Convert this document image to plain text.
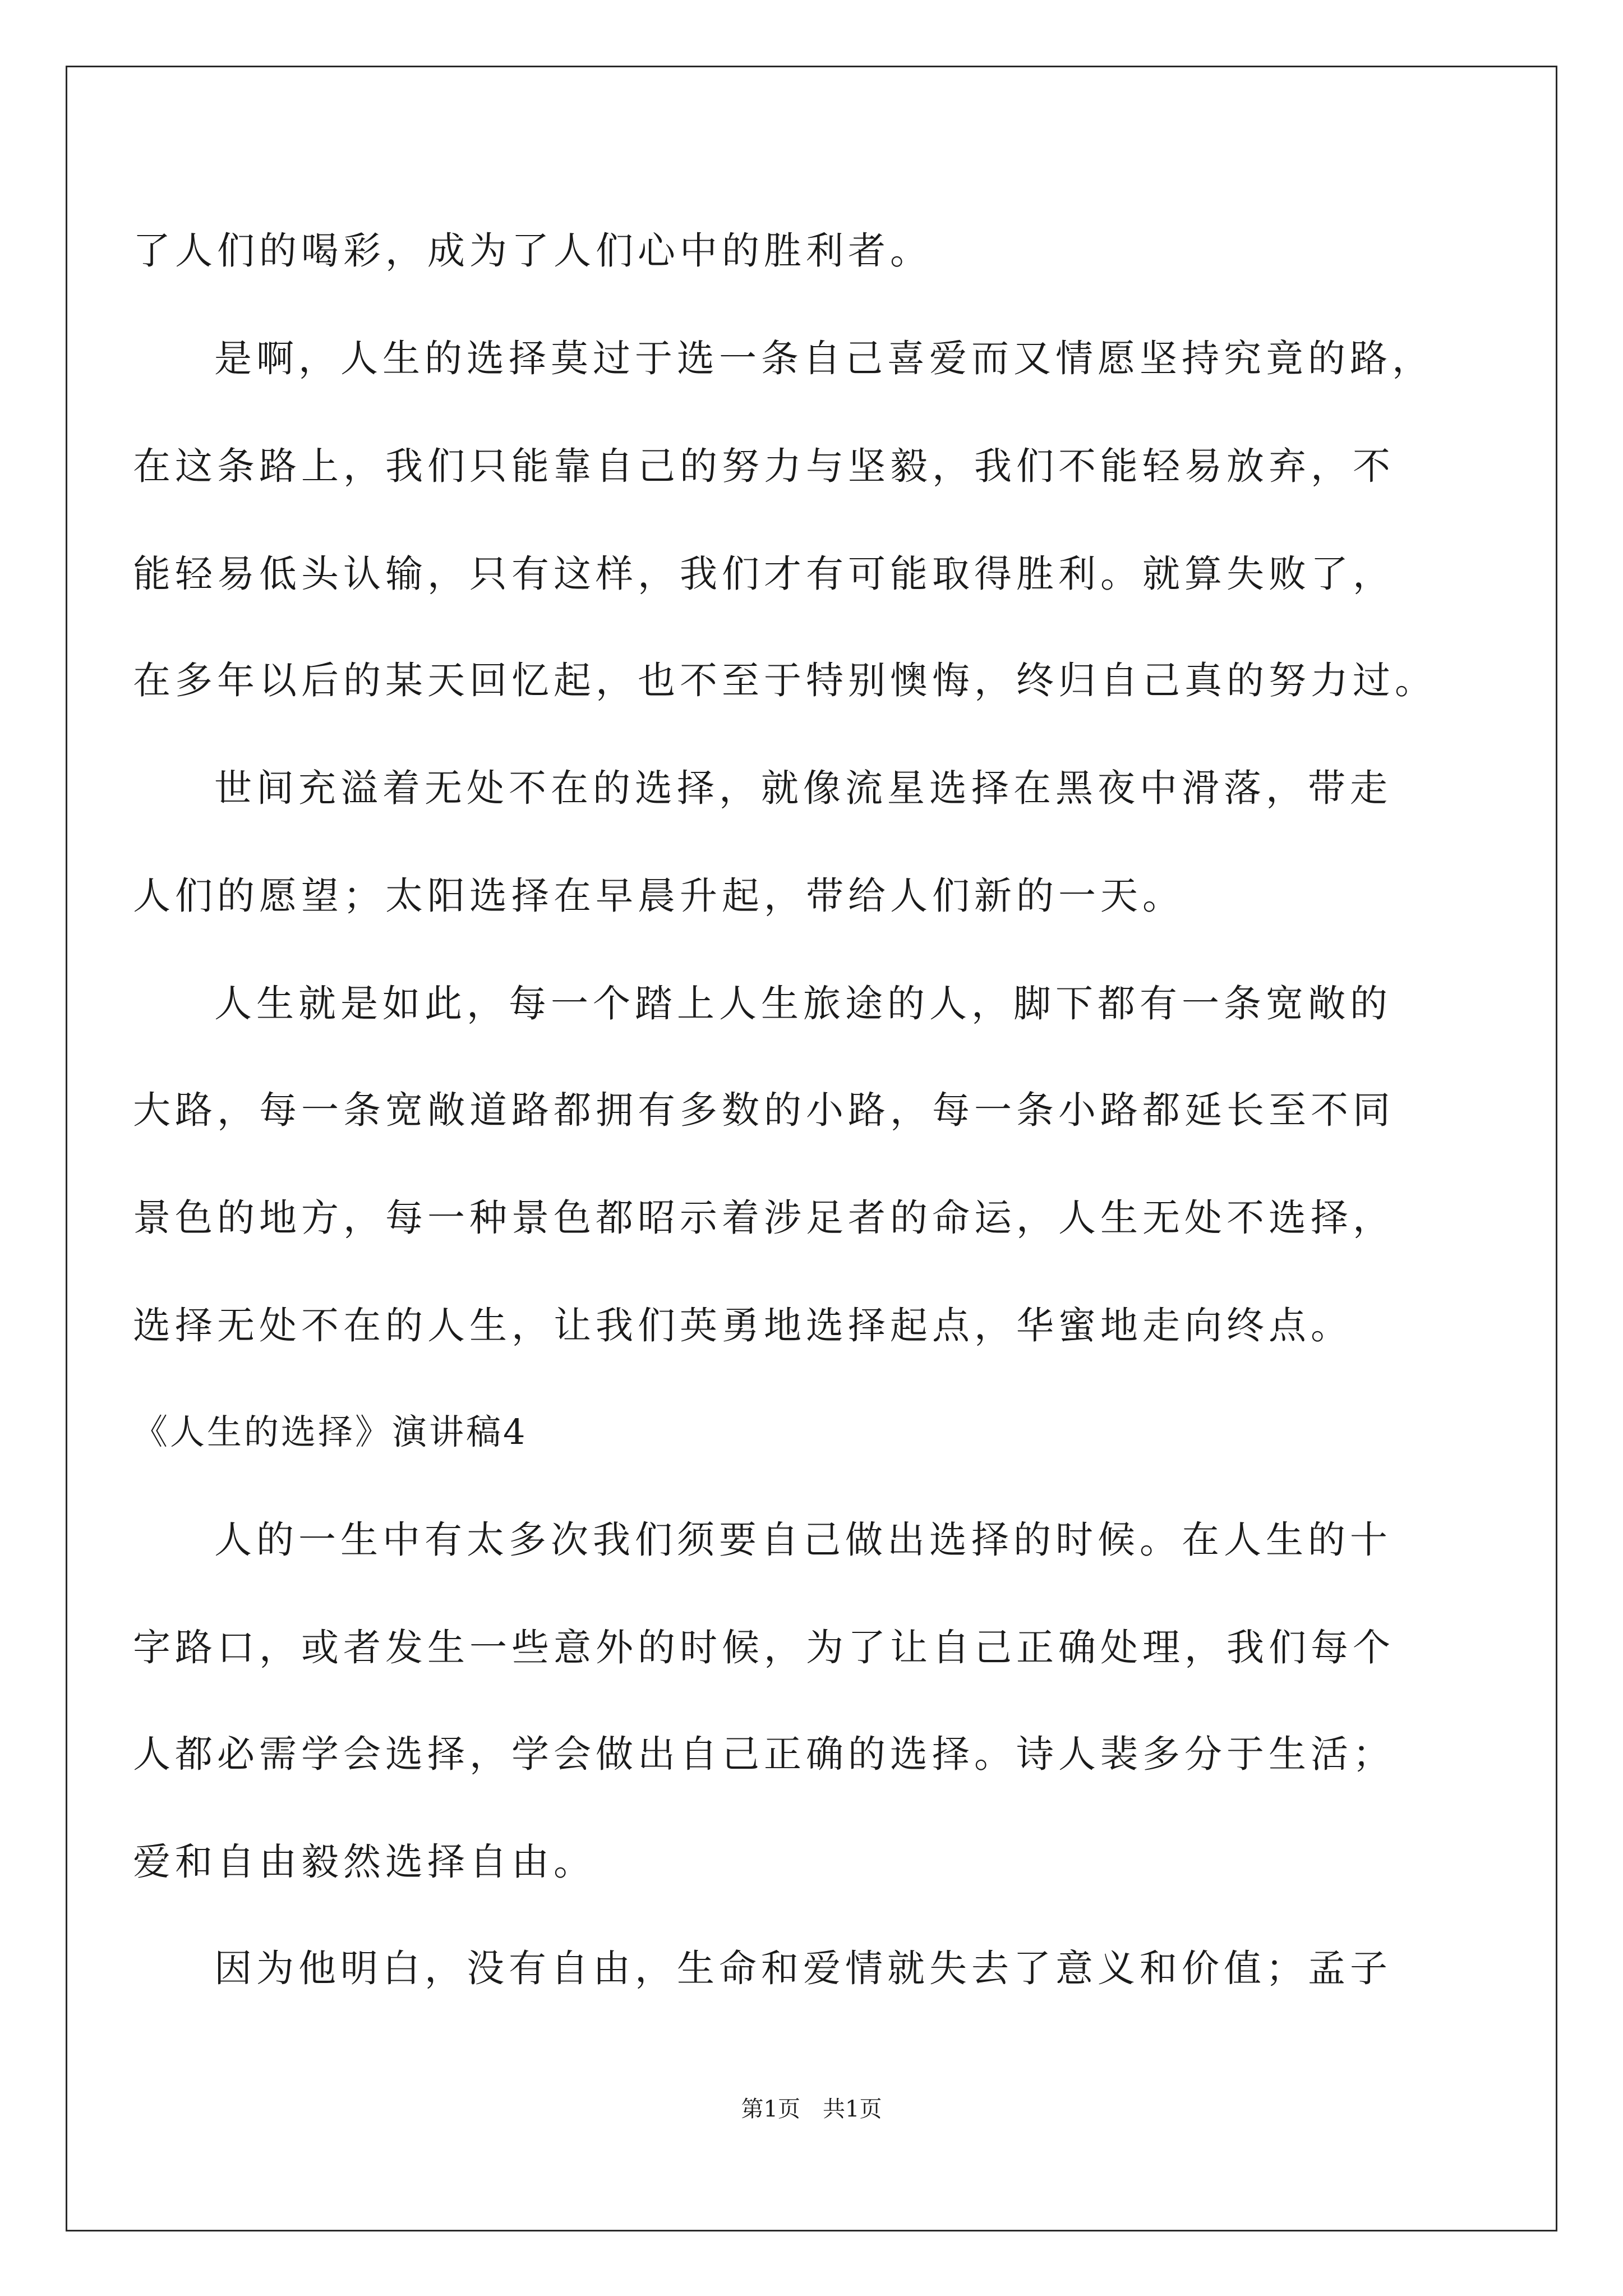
了人们的喝彩，成为了人们心中的胜利者。
是啊，人生的选择莫过于选一条自己喜爱而又情愿坚持究竟的路，
在这条路上，我们只能靠自己的努力与坚毅，我们不能轻易放弃，不
能轻易低头认输，只有这样，我们才有可能取得胜利。就算失败了，
在多年以后的某天回忆起，也不至于特别懊悔，终归自己真的努力过。
世间充溢着无处不在的选择，就像流星选择在黑夜中滑落，带走
人们的愿望；太阳选择在早晨升起，带给人们新的一天。
人生就是如此，每一个踏上人生旅途的人，脚下都有一条宽敞的
大路，每一条宽敞道路都拥有多数的小路，每一条小路都延长至不同
景色的地方，每一种景色都昭示着涉足者的命运，人生无处不选择，
选择无处不在的人生，让我们英勇地选择起点，华蜜地走向终点。
《人生的选择》演讲稿4
人的一生中有太多次我们须要自己做出选择的时候。在人生的十
字路口，或者发生一些意外的时候，为了让自己正确处理，我们每个
人都必需学会选择，学会做出自己正确的选择。诗人裴多分于生活；
爱和自由毅然选择自由。
因为他明白，没有自由，生命和爱情就失去了意义和价值；孟子
第1页　共1页
